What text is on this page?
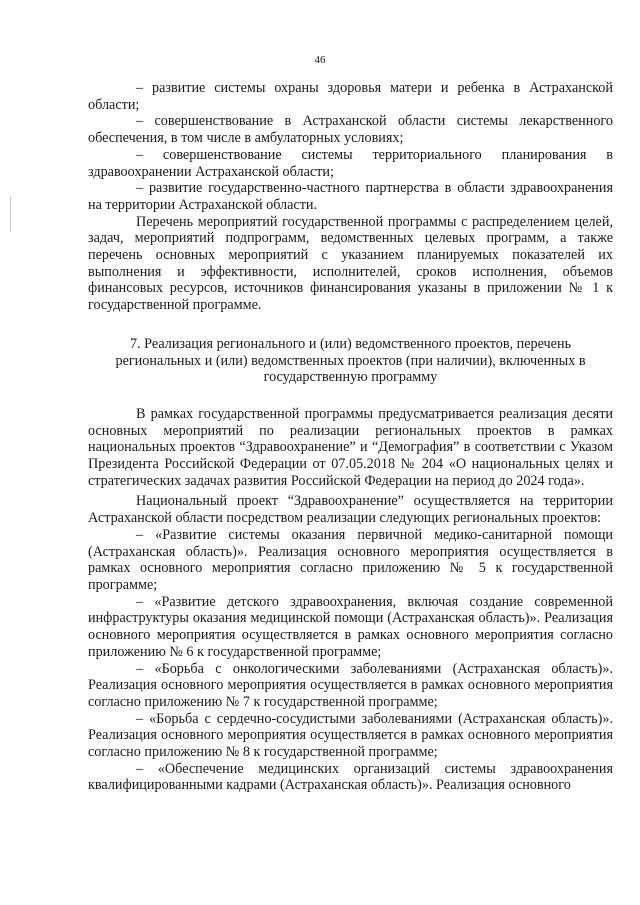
46

– развитие системы охраны здоровья матери и ребенка в Астраханской области;

– совершенствование в Астраханской области системы лекарственного обеспечения, в том числе в амбулаторных условиях;

– совершенствование системы территориального планирования в здравоохранении Астраханской области;

– развитие государственно-частного партнерства в области здравоохранения на территории Астраханской области.

Перечень мероприятий государственной программы с распределением целей, задач, мероприятий подпрограмм, ведомственных целевых программ, а также перечень основных мероприятий с указанием планируемых показателей их выполнения и эффективности, исполнителей, сроков исполнения, объемов финансовых ресурсов, источников финансирования указаны в приложении № 1 к государственной программе.

7. Реализация регионального и (или) ведомственного проектов, перечень региональных и (или) ведомственных проектов (при наличии), включенных в государственную программу

В рамках государственной программы предусматривается реализация десяти основных мероприятий по реализации региональных проектов в рамках национальных проектов “Здравоохранение” и “Демография” в соответствии с Указом Президента Российской Федерации от 07.05.2018 № 204 «О национальных целях и стратегических задачах развития Российской Федерации на период до 2024 года».

Национальный проект “Здравоохранение” осуществляется на территории Астраханской области посредством реализации следующих региональных проектов:

– «Развитие системы оказания первичной медико-санитарной помощи (Астраханская область)». Реализация основного мероприятия осуществляется в рамках основного мероприятия согласно приложению № 5 к государственной программе;

– «Развитие детского здравоохранения, включая создание современной инфраструктуры оказания медицинской помощи (Астраханская область)». Реализация основного мероприятия осуществляется в рамках основного мероприятия согласно приложению № 6 к государственной программе;

– «Борьба с онкологическими заболеваниями (Астраханская область)». Реализация основного мероприятия осуществляется в рамках основного мероприятия согласно приложению № 7 к государственной программе;

– «Борьба с сердечно-сосудистыми заболеваниями (Астраханская область)». Реализация основного мероприятия осуществляется в рамках основного мероприятия согласно приложению № 8 к государственной программе;

– «Обеспечение медицинских организаций системы здравоохранения квалифицированными кадрами (Астраханская область)». Реализация основного
